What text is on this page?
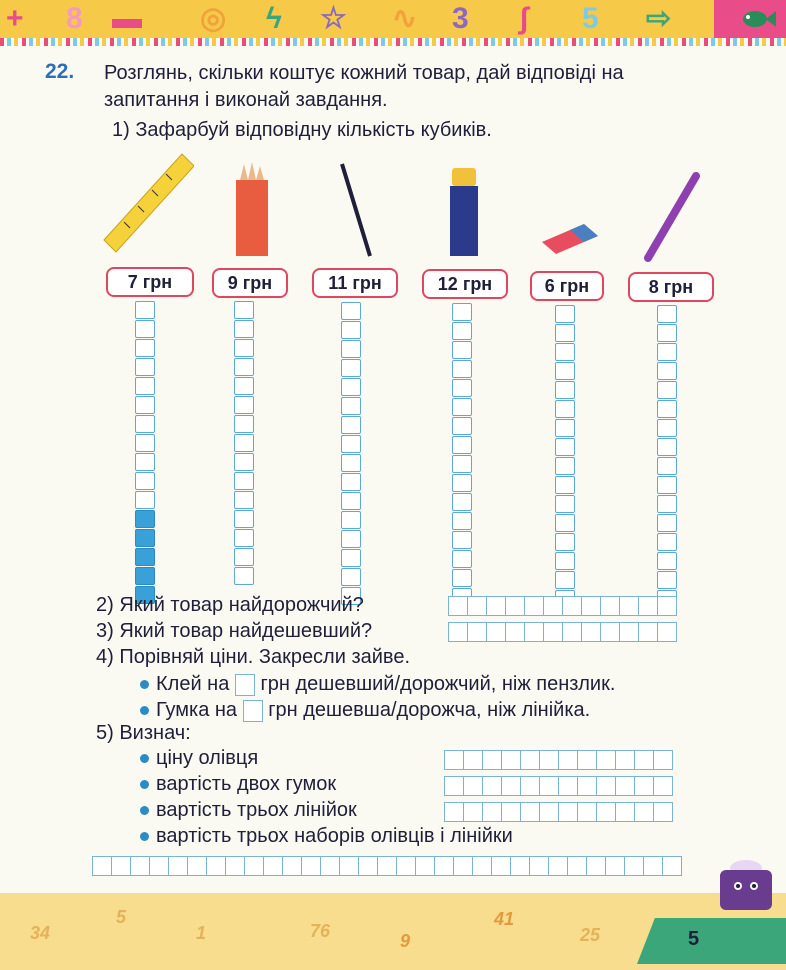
+ 8 ▬ ◎ ϟ ☆ ∿ 3 ∫ 5 ⇨
22. Розглянь, скільки коштує кожний товар, дай відповіді на
запитання і виконай завдання.
1) Зафарбуй відповідну кількість кубиків.
7 грн	9 грн	11 грн	12 грн	6 грн	8 грн
2) Який товар найдорожчий?
3) Який товар найдешевший?
4) Порівняй ціни. Закресли зайве.
Клей на грн дешевший/дорожчий, ніж пензлик.
Гумка на грн дешевша/дорожча, ніж лінійка.
5) Визнач:
ціну олівця
вартість двох гумок
вартість трьох лінійок
вартість трьох наборів олівців і лінійки
34
5
1	76	9
41
25	5
